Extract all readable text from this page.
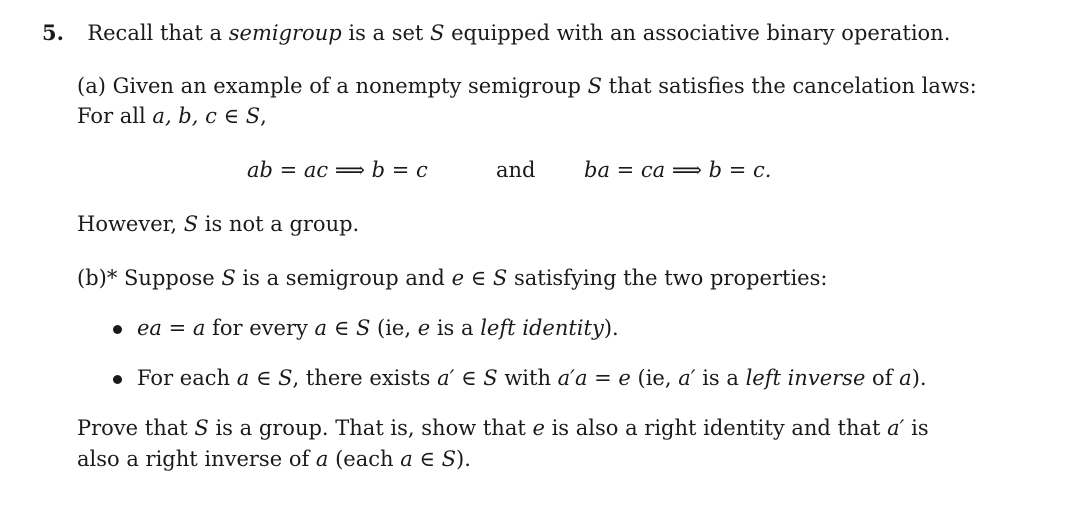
5. Recall that a semigroup is a set S equipped with an associative binary operation.
(a) Given an example of a nonempty semigroup S that satisfies the cancelation laws:
For all a, b, c ∈ S,
ab = ac ⟹ b = c	and ba = ca ⟹ b = c.
However, S is not a group.
(b)* Suppose S is a semigroup and e ∈ S satisfying the two properties:
ea = a for every a ∈ S (ie, e is a left identity).
For each a ∈ S, there exists a′ ∈ S with a′a = e (ie, a′ is a left inverse of a).
Prove that S is a group. That is, show that e is also a right identity and that a′ is
also a right inverse of a (each a ∈ S).
